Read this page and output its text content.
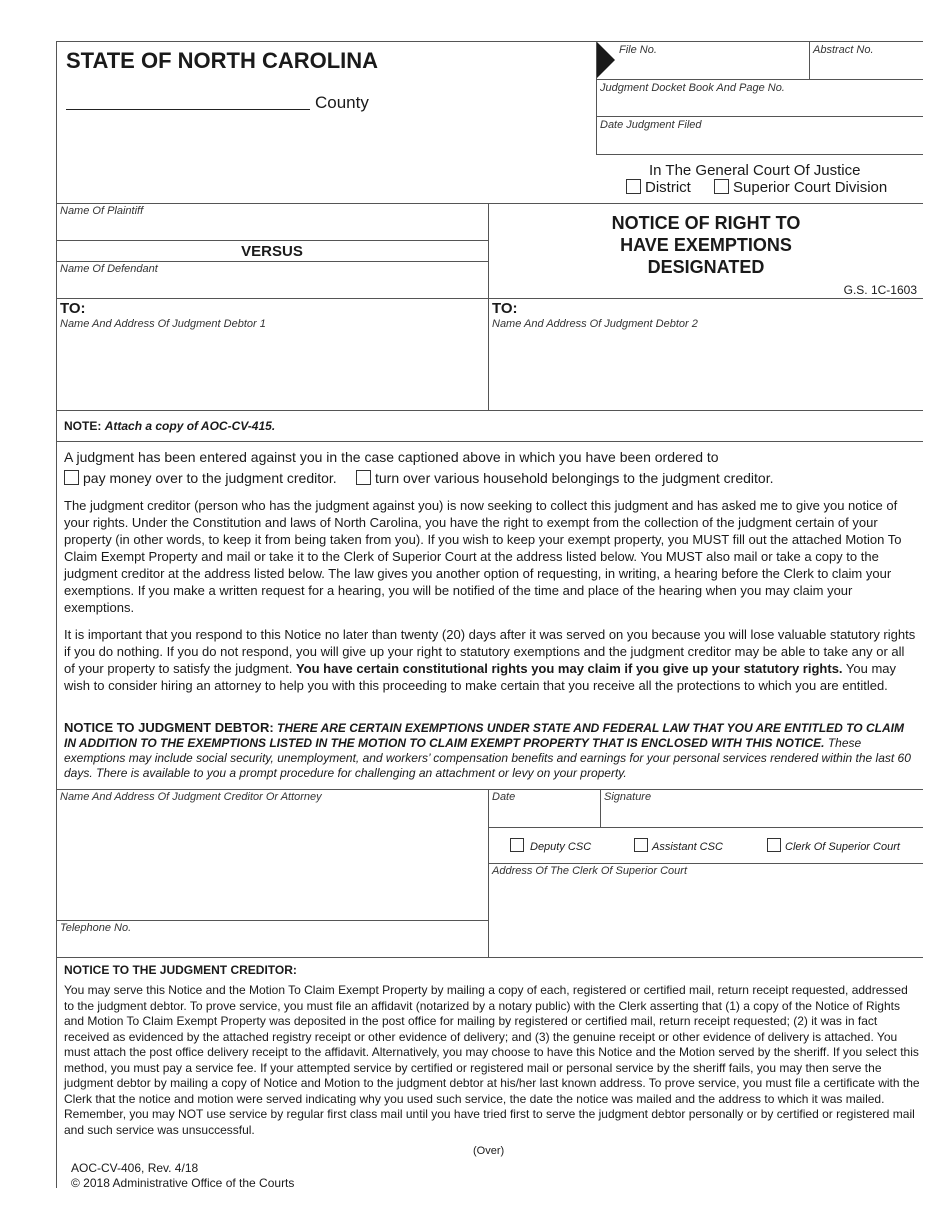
STATE OF NORTH CAROLINA
County
File No.	Abstract No.
Judgment Docket Book And Page No.
Date Judgment Filed
In The General Court Of Justice
District	Superior Court Division
Name Of Plaintiff
VERSUS
Name Of Defendant
NOTICE OF RIGHT TO
HAVE EXEMPTIONS
DESIGNATED
G.S. 1C-1603
TO:
Name And Address Of Judgment Debtor 1
TO:
Name And Address Of Judgment Debtor 2
NOTE: Attach a copy of AOC-CV-415.
A judgment has been entered against you in the case captioned above in which you have been ordered to
pay money over to the judgment creditor.	turn over various household belongings to the judgment creditor.

The judgment creditor (person who has the judgment against you) is now seeking to collect this judgment and has asked me to give you notice of your rights. Under the Constitution and laws of North Carolina, you have the right to exempt from the collection of the judgment certain of your property (in other words, to keep it from being taken from you). If you wish to keep your exempt property, you MUST fill out the attached Motion To Claim Exempt Property and mail or take it to the Clerk of Superior Court at the address listed below. You MUST also mail or take a copy to the judgment creditor at the address listed below. The law gives you another option of requesting, in writing, a hearing before the Clerk to claim your exemptions. If you make a written request for a hearing, you will be notified of the time and place of the hearing when you may claim your exemptions.

It is important that you respond to this Notice no later than twenty (20) days after it was served on you because you will lose valuable statutory rights if you do nothing. If you do not respond, you will give up your right to statutory exemptions and the judgment creditor may be able to take any or all of your property to satisfy the judgment. You have certain constitutional rights you may claim if you give up your statutory rights. You may wish to consider hiring an attorney to help you with this proceeding to make certain that you receive all the protections to which you are entitled.

NOTICE TO JUDGMENT DEBTOR: THERE ARE CERTAIN EXEMPTIONS UNDER STATE AND FEDERAL LAW THAT YOU ARE ENTITLED TO CLAIM IN ADDITION TO THE EXEMPTIONS LISTED IN THE MOTION TO CLAIM EXEMPT PROPERTY THAT IS ENCLOSED WITH THIS NOTICE. These exemptions may include social security, unemployment, and workers’ compensation benefits and earnings for your personal services rendered within the last 60 days. There is available to you a prompt procedure for challenging an attachment or levy on your property.
Name And Address Of Judgment Creditor Or Attorney
Telephone No.
Date	Signature
Deputy CSC	Assistant CSC	Clerk Of Superior Court
Address Of The Clerk Of Superior Court
NOTICE TO THE JUDGMENT CREDITOR:
You may serve this Notice and the Motion To Claim Exempt Property by mailing a copy of each, registered or certified mail, return receipt requested, addressed to the judgment debtor. To prove service, you must file an affidavit (notarized by a notary public) with the Clerk asserting that (1) a copy of the Notice of Rights and Motion To Claim Exempt Property was deposited in the post office for mailing by registered or certified mail, return receipt requested; (2) it was in fact received as evidenced by the attached registry receipt or other evidence of delivery; and (3) the genuine receipt or other evidence of delivery is attached. You must attach the post office delivery receipt to the affidavit. Alternatively, you may choose to have this Notice and the Motion served by the sheriff. If you select this method, you must pay a service fee. If your attempted service by certified or registered mail or personal service by the sheriff fails, you may then serve the judgment debtor by mailing a copy of Notice and Motion to the judgment debtor at his/her last known address. To prove service, you must file a certificate with the Clerk that the notice and motion were served indicating why you used such service, the date the notice was mailed and the address to which it was mailed. Remember, you may NOT use service by regular first class mail until you have tried first to serve the judgment debtor personally or by certified or registered mail and such service was unsuccessful.
(Over)
AOC-CV-406, Rev. 4/18
© 2018 Administrative Office of the Courts
